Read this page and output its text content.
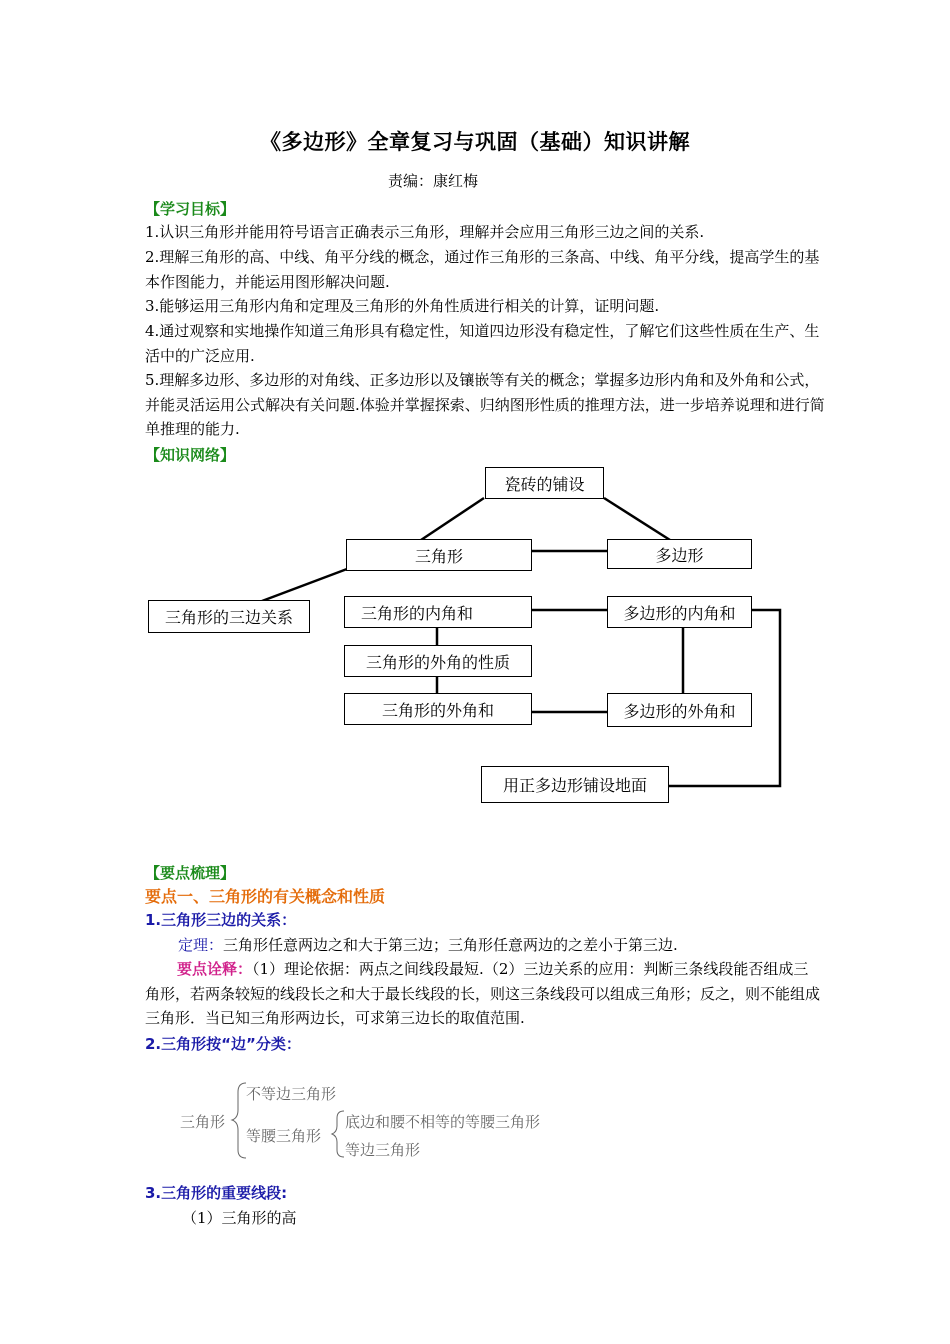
《多边形》全章复习与巩固（基础）知识讲解
责编：康红梅
【学习目标】
1.认识三角形并能用符号语言正确表示三角形，理解并会应用三角形三边之间的关系.
2.理解三角形的高、中线、角平分线的概念，通过作三角形的三条高、中线、角平分线，提高学生的基本作图能力，并能运用图形解决问题.
3.能够运用三角形内角和定理及三角形的外角性质进行相关的计算，证明问题.
4.通过观察和实地操作知道三角形具有稳定性，知道四边形没有稳定性，了解它们这些性质在生产、生活中的广泛应用.
5.理解多边形、多边形的对角线、正多边形以及镶嵌等有关的概念；掌握多边形内角和及外角和公式，并能灵活运用公式解决有关问题.体验并掌握探索、归纳图形性质的推理方法，进一步培养说理和进行简单推理的能力.
【知识网络】
瓷砖的铺设
三角形	多边形
三角形的三边关系	三角形的内角和	多边形的内角和
三角形的外角的性质
三角形的外角和	多边形的外角和
用正多边形铺设地面
【要点梳理】
要点一、三角形的有关概念和性质
1.三角形三边的关系：
定理：三角形任意两边之和大于第三边；三角形任意两边的之差小于第三边.
要点诠释：（1）理论依据：两点之间线段最短.（2）三边关系的应用：判断三条线段能否组成三角形，若两条较短的线段长之和大于最长线段的长，则这三条线段可以组成三角形；反之，则不能组成三角形．当已知三角形两边长，可求第三边长的取值范围.
2.三角形按“边”分类：
三角形
不等边三角形
等腰三角形
底边和腰不相等的等腰三角形
等边三角形
3.三角形的重要线段:
（1）三角形的高
